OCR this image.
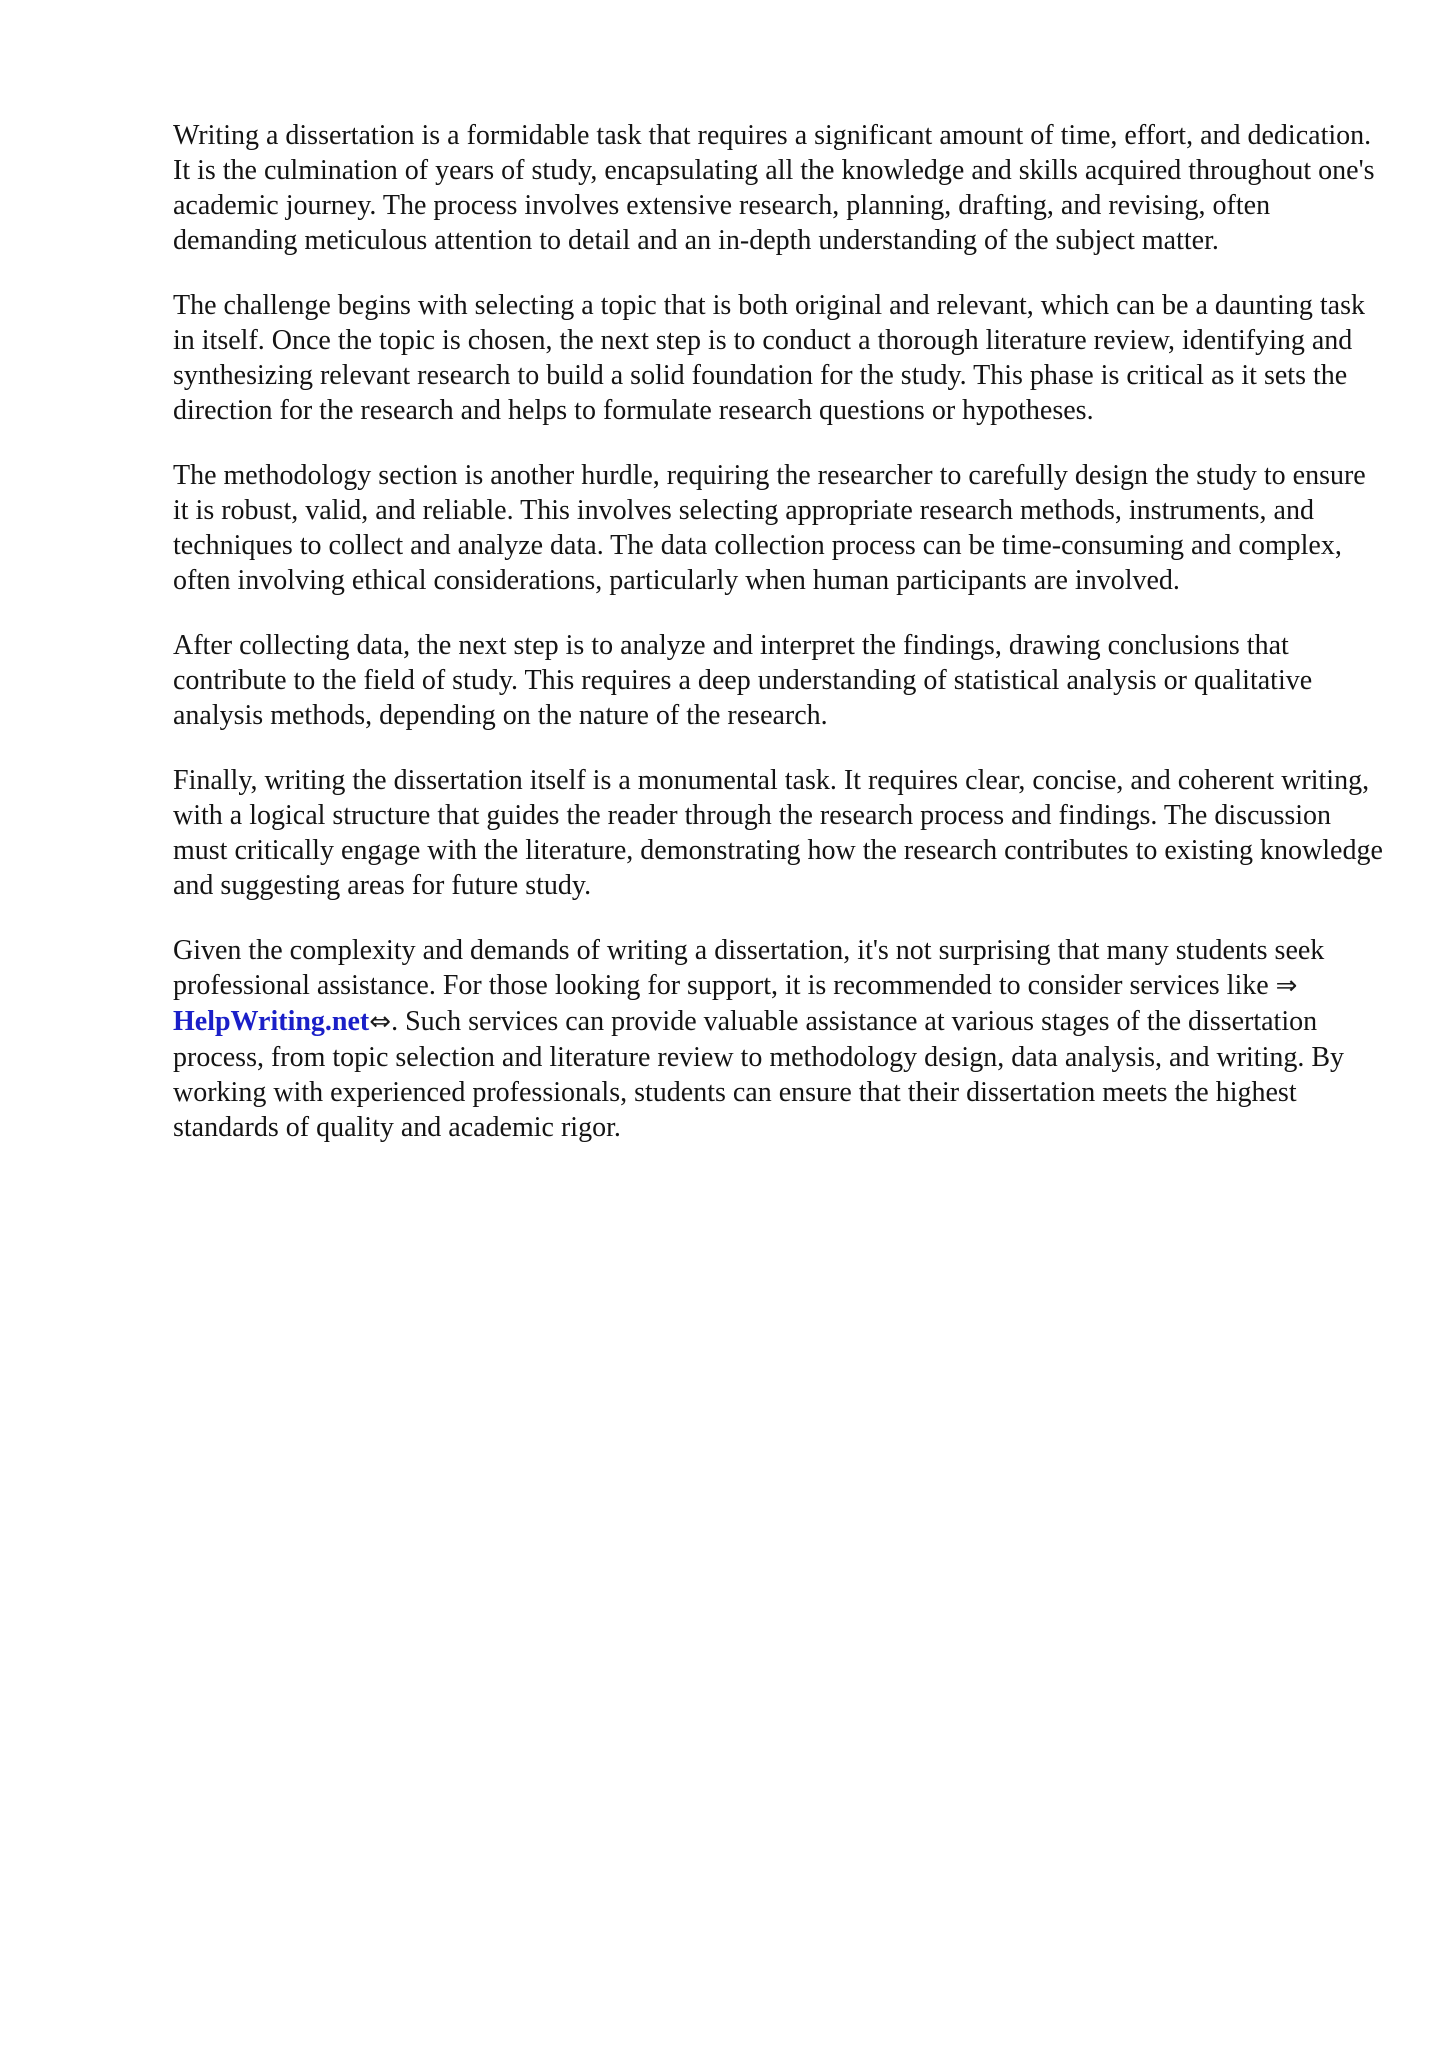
Writing a dissertation is a formidable task that requires a significant amount of time, effort, and dedication. It is the culmination of years of study, encapsulating all the knowledge and skills acquired throughout one's academic journey. The process involves extensive research, planning, drafting, and revising, often demanding meticulous attention to detail and an in-depth understanding of the subject matter.

The challenge begins with selecting a topic that is both original and relevant, which can be a daunting task in itself. Once the topic is chosen, the next step is to conduct a thorough literature review, identifying and synthesizing relevant research to build a solid foundation for the study. This phase is critical as it sets the direction for the research and helps to formulate research questions or hypotheses.

The methodology section is another hurdle, requiring the researcher to carefully design the study to ensure it is robust, valid, and reliable. This involves selecting appropriate research methods, instruments, and techniques to collect and analyze data. The data collection process can be time-consuming and complex, often involving ethical considerations, particularly when human participants are involved.

After collecting data, the next step is to analyze and interpret the findings, drawing conclusions that contribute to the field of study. This requires a deep understanding of statistical analysis or qualitative analysis methods, depending on the nature of the research.

Finally, writing the dissertation itself is a monumental task. It requires clear, concise, and coherent writing, with a logical structure that guides the reader through the research process and findings. The discussion must critically engage with the literature, demonstrating how the research contributes to existing knowledge and suggesting areas for future study.

Given the complexity and demands of writing a dissertation, it's not surprising that many students seek professional assistance. For those looking for support, it is recommended to consider services like ⇒ HelpWriting.net⇔. Such services can provide valuable assistance at various stages of the dissertation process, from topic selection and literature review to methodology design, data analysis, and writing. By working with experienced professionals, students can ensure that their dissertation meets the highest standards of quality and academic rigor.
